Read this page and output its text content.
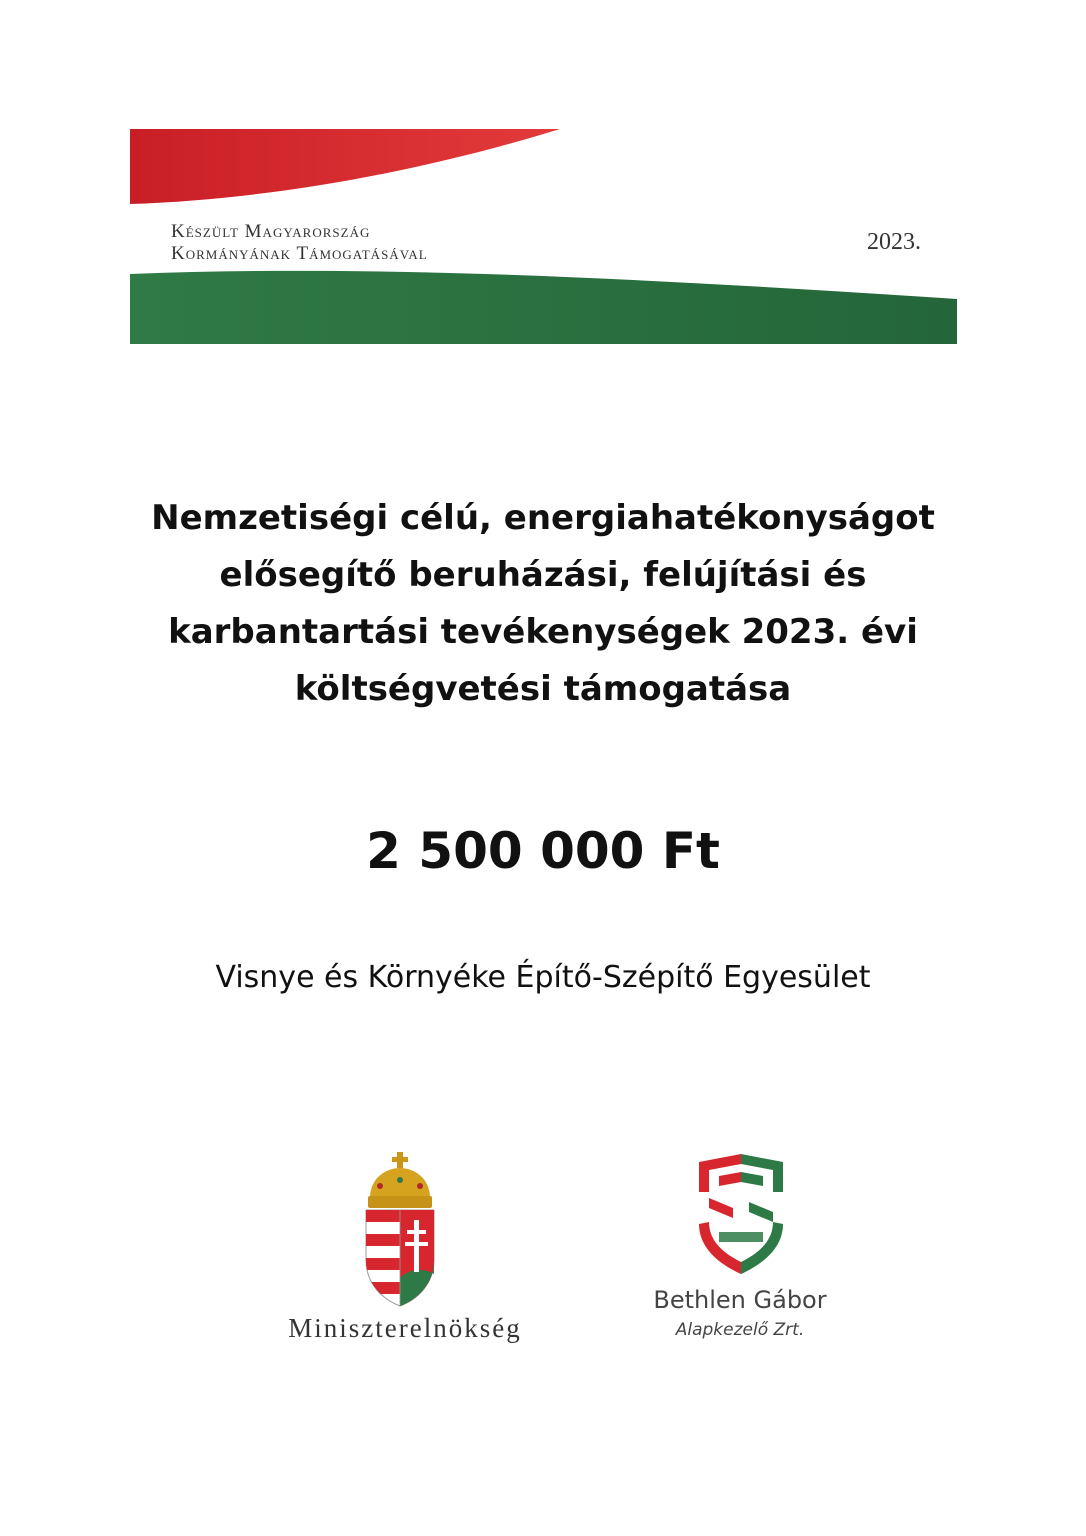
Készült Magyarország
Kormányának Támogatásával	2023.
Nemzetiségi célú, energiahatékonyságot
elősegítő beruházási, felújítási és
karbantartási tevékenységek 2023. évi
költségvetési támogatása
2 500 000 Ft
Visnye és Környéke Építő-Szépítő Egyesület
Miniszterelnökség
Bethlen Gábor
Alapkezelő Zrt.
